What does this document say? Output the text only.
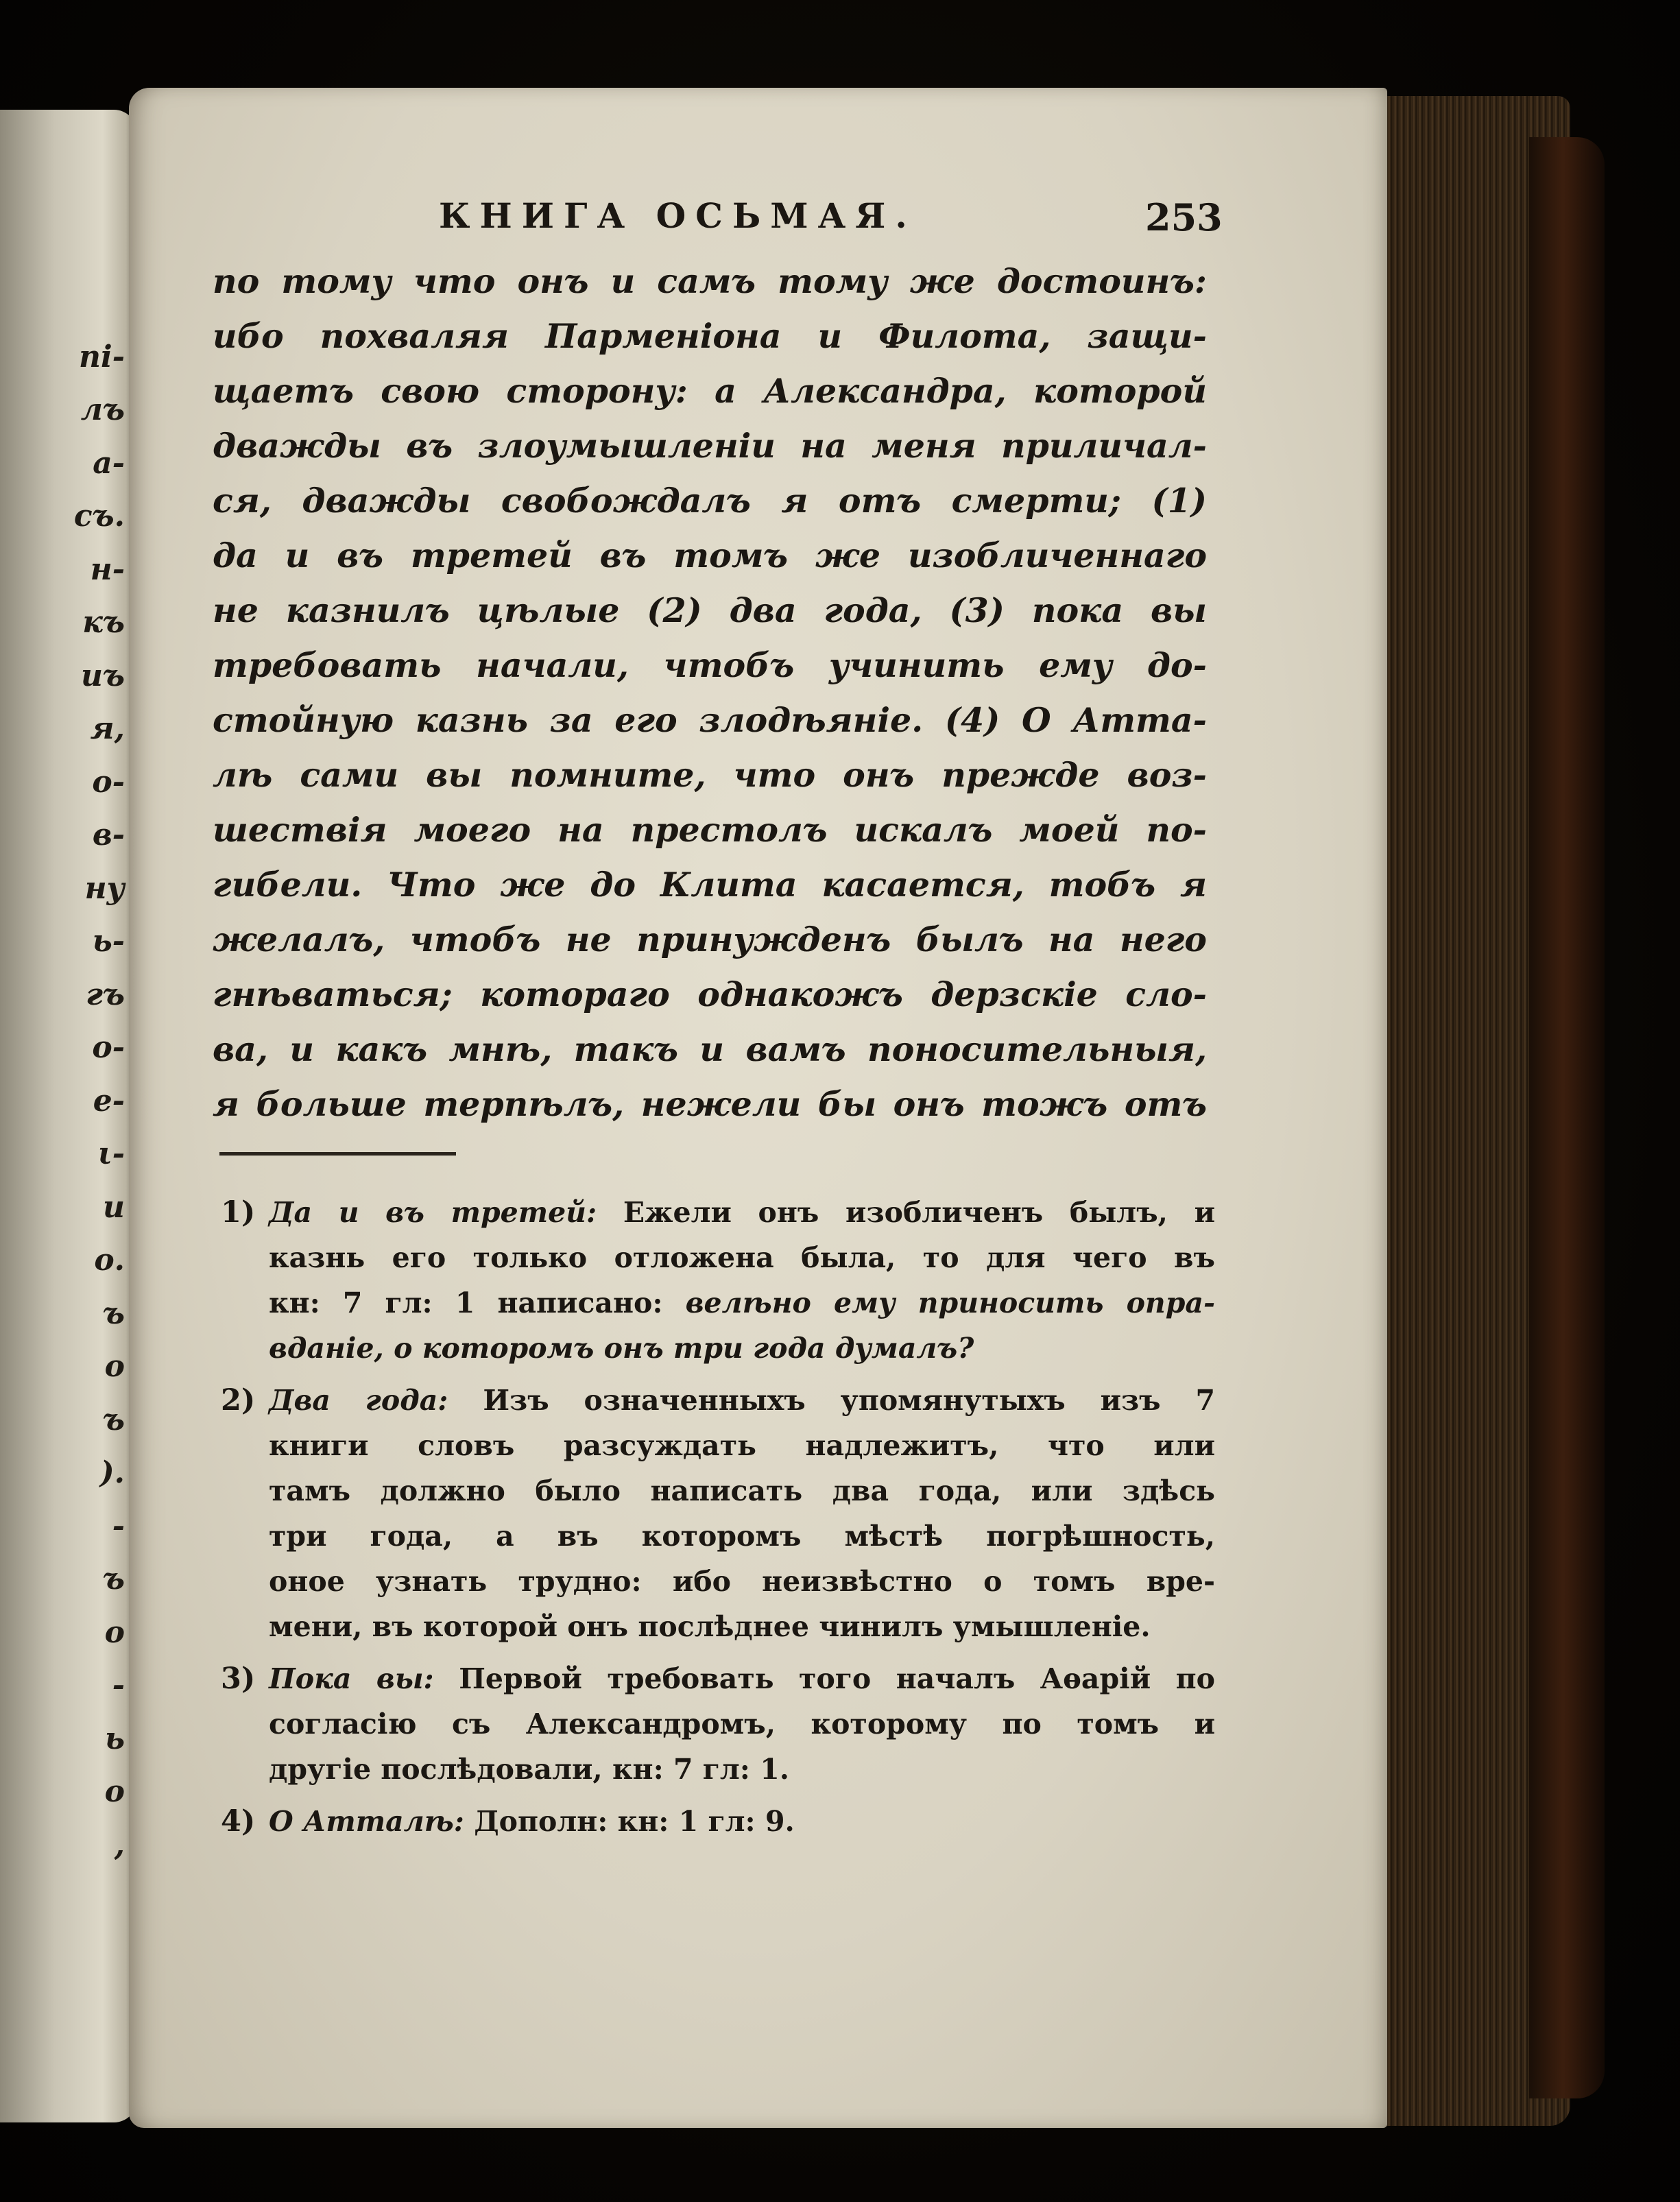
пі-
лъ
а-
съ.
н-
къ
иъ
я,
о-
в-
ну
ь-
гъ
о-
е-
ι-
и
о.
ъ
о
ъ
).
-
ъ
о
-
ь
о
,
КНИГА ОСЬМАЯ.	253
по тому что онъ и самъ тому же достоинъ:
ибо похваляя Парменіона и Филота, защи-
щаетъ свою сторону: а Александра, которой
дважды въ злоумышленіи на меня приличал-
ся, дважды свобождалъ я отъ смерти; (1)
да и въ третей въ томъ же изобличеннаго
не казнилъ цѣлые (2) два года, (3) пока вы
требовать начали, чтобъ учинить ему до-
стойную казнь за его злодѣяніе. (4) О Атта-
лѣ сами вы помните, что онъ прежде воз-
шествія моего на престолъ искалъ моей по-
гибели. Что же до Клита касается, тобъ я
желалъ, чтобъ не принужденъ былъ на него
гнѣваться; котораго однакожъ дерзскіе сло-
ва, и какъ мнѣ, такъ и вамъ поносительныя,
я больше терпѣлъ, нежели бы онъ тожъ отъ
1) Да и въ третей: Ежели онъ изобличенъ былъ, и
казнь его только отложена была, то для чего въ
кн: 7 гл: 1 написано: велѣно ему приносить опра-
вданіе, о которомъ онъ три года думалъ?
2) Два года: Изъ означенныхъ упомянутыхъ изъ 7
книги словъ разсуждать надлежитъ, что или
тамъ должно было написать два года, или здѣсь
три года, а въ которомъ мѣстѣ погрѣшность,
оное узнать трудно: ибо неизвѣстно о томъ вре-
мени, въ которой онъ послѣднее чинилъ умышленіе.
3) Пока вы: Первой требовать того началъ Аѳарій по
согласію съ Александромъ, которому по томъ и
другіе послѣдовали, кн: 7 гл: 1.
4) О Атталѣ: Дополн: кн: 1 гл: 9.
